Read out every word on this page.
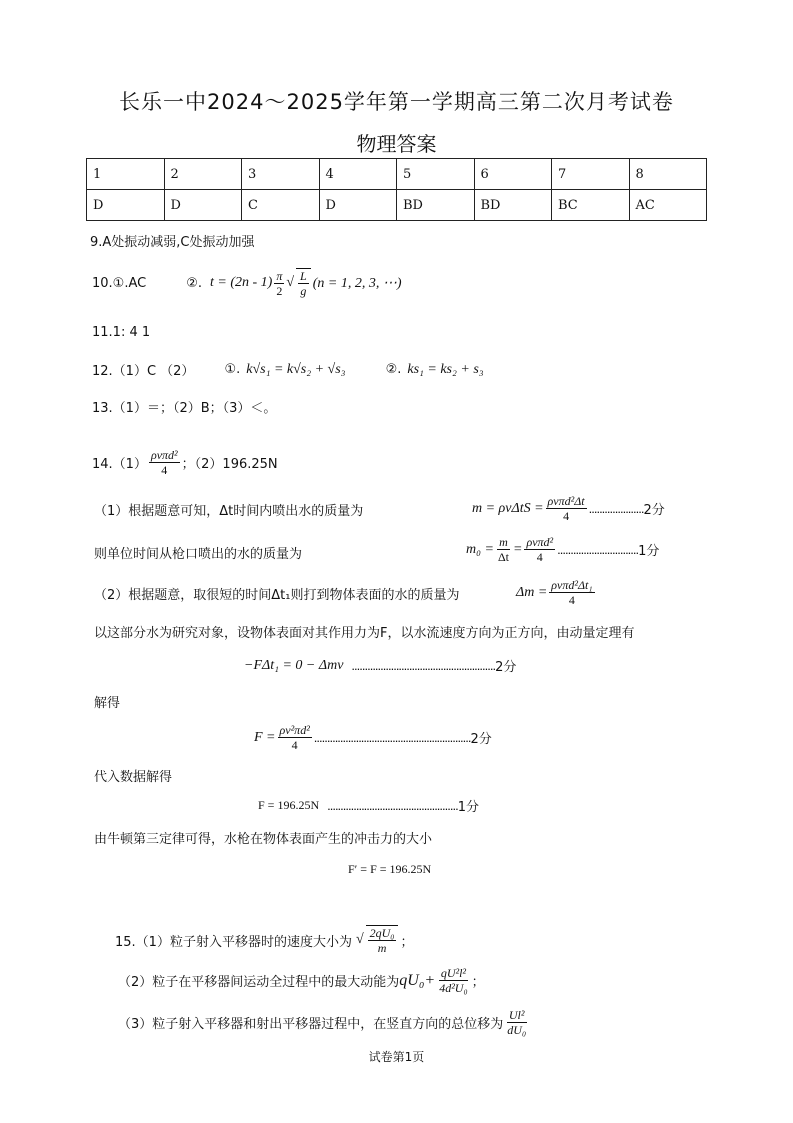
长乐一中2024～2025学年第一学期高三第二次月考试卷
物理答案
1	2	3	4	5	6	7	8
D	D	C	D	BD	BD	BC	AC
9.A处振动减弱,C处振动加强
10.①.AC	②. $t = (2n - 1) \frac{\pi}{2}$ √ $\frac{L}{g} (n = 1$, 2, 3, ⋯)
11.1: 4 1
12.（1）C （2） ①. k√s₁ = k√s₂ + √s₃	②. ks₁ = ks₂ + s₃
13.（1）＝；（2）B；（3）＜。
$14.(1) \frac{\text{ρvπd²}}{4}$ ；（2）196.25N
（1）根据题意可知，Δt时间内喷出水的质量为	$m = \rho v\Delta tS = \frac{\text{ρvπd²Δt}}{4}$ ..................... 2分
则单位时间从枪口喷出的水的质量为	$m_0 = \frac{m}{\Delta t} = \frac{\text{ρvπd²}}{4}$ ............................... 1分
（2）根据题意，取很短的时间Δt₁则打到物体表面的水的质量为	$\Delta m = \frac{\text{ρvπd²Δt₁}}{4}$
以这部分水为研究对象，设物体表面对其作用力为F，以水流速度方向为正方向，由动量定理有
−FΔt₁ = 0 − Δmv ....................................................... 2分
解得
$F = \frac{\text{ρv²πd²}}{4}$ ............................................................ 2分
代入数据解得
F = 196.25N .................................................. 1分
由牛顿第三定律可得，水枪在物体表面产生的冲击力的大小
F′ = F = 196.25N
15.（1）粒子射入平移器时的速度大小为 √ $\frac{\text{2qU₀}}{m}$ ；
（2）粒子在平移器间运动全过程中的最大动能为 $qU_0+ \frac{\text{qU²l²}}{\text{4d²U₀}}$ ；
（3）粒子射入平移器和射出平移器过程中，在竖直方向的总位移为 $\frac{\text{Ul²}}{\text{dU₀}}$
试卷第1页
